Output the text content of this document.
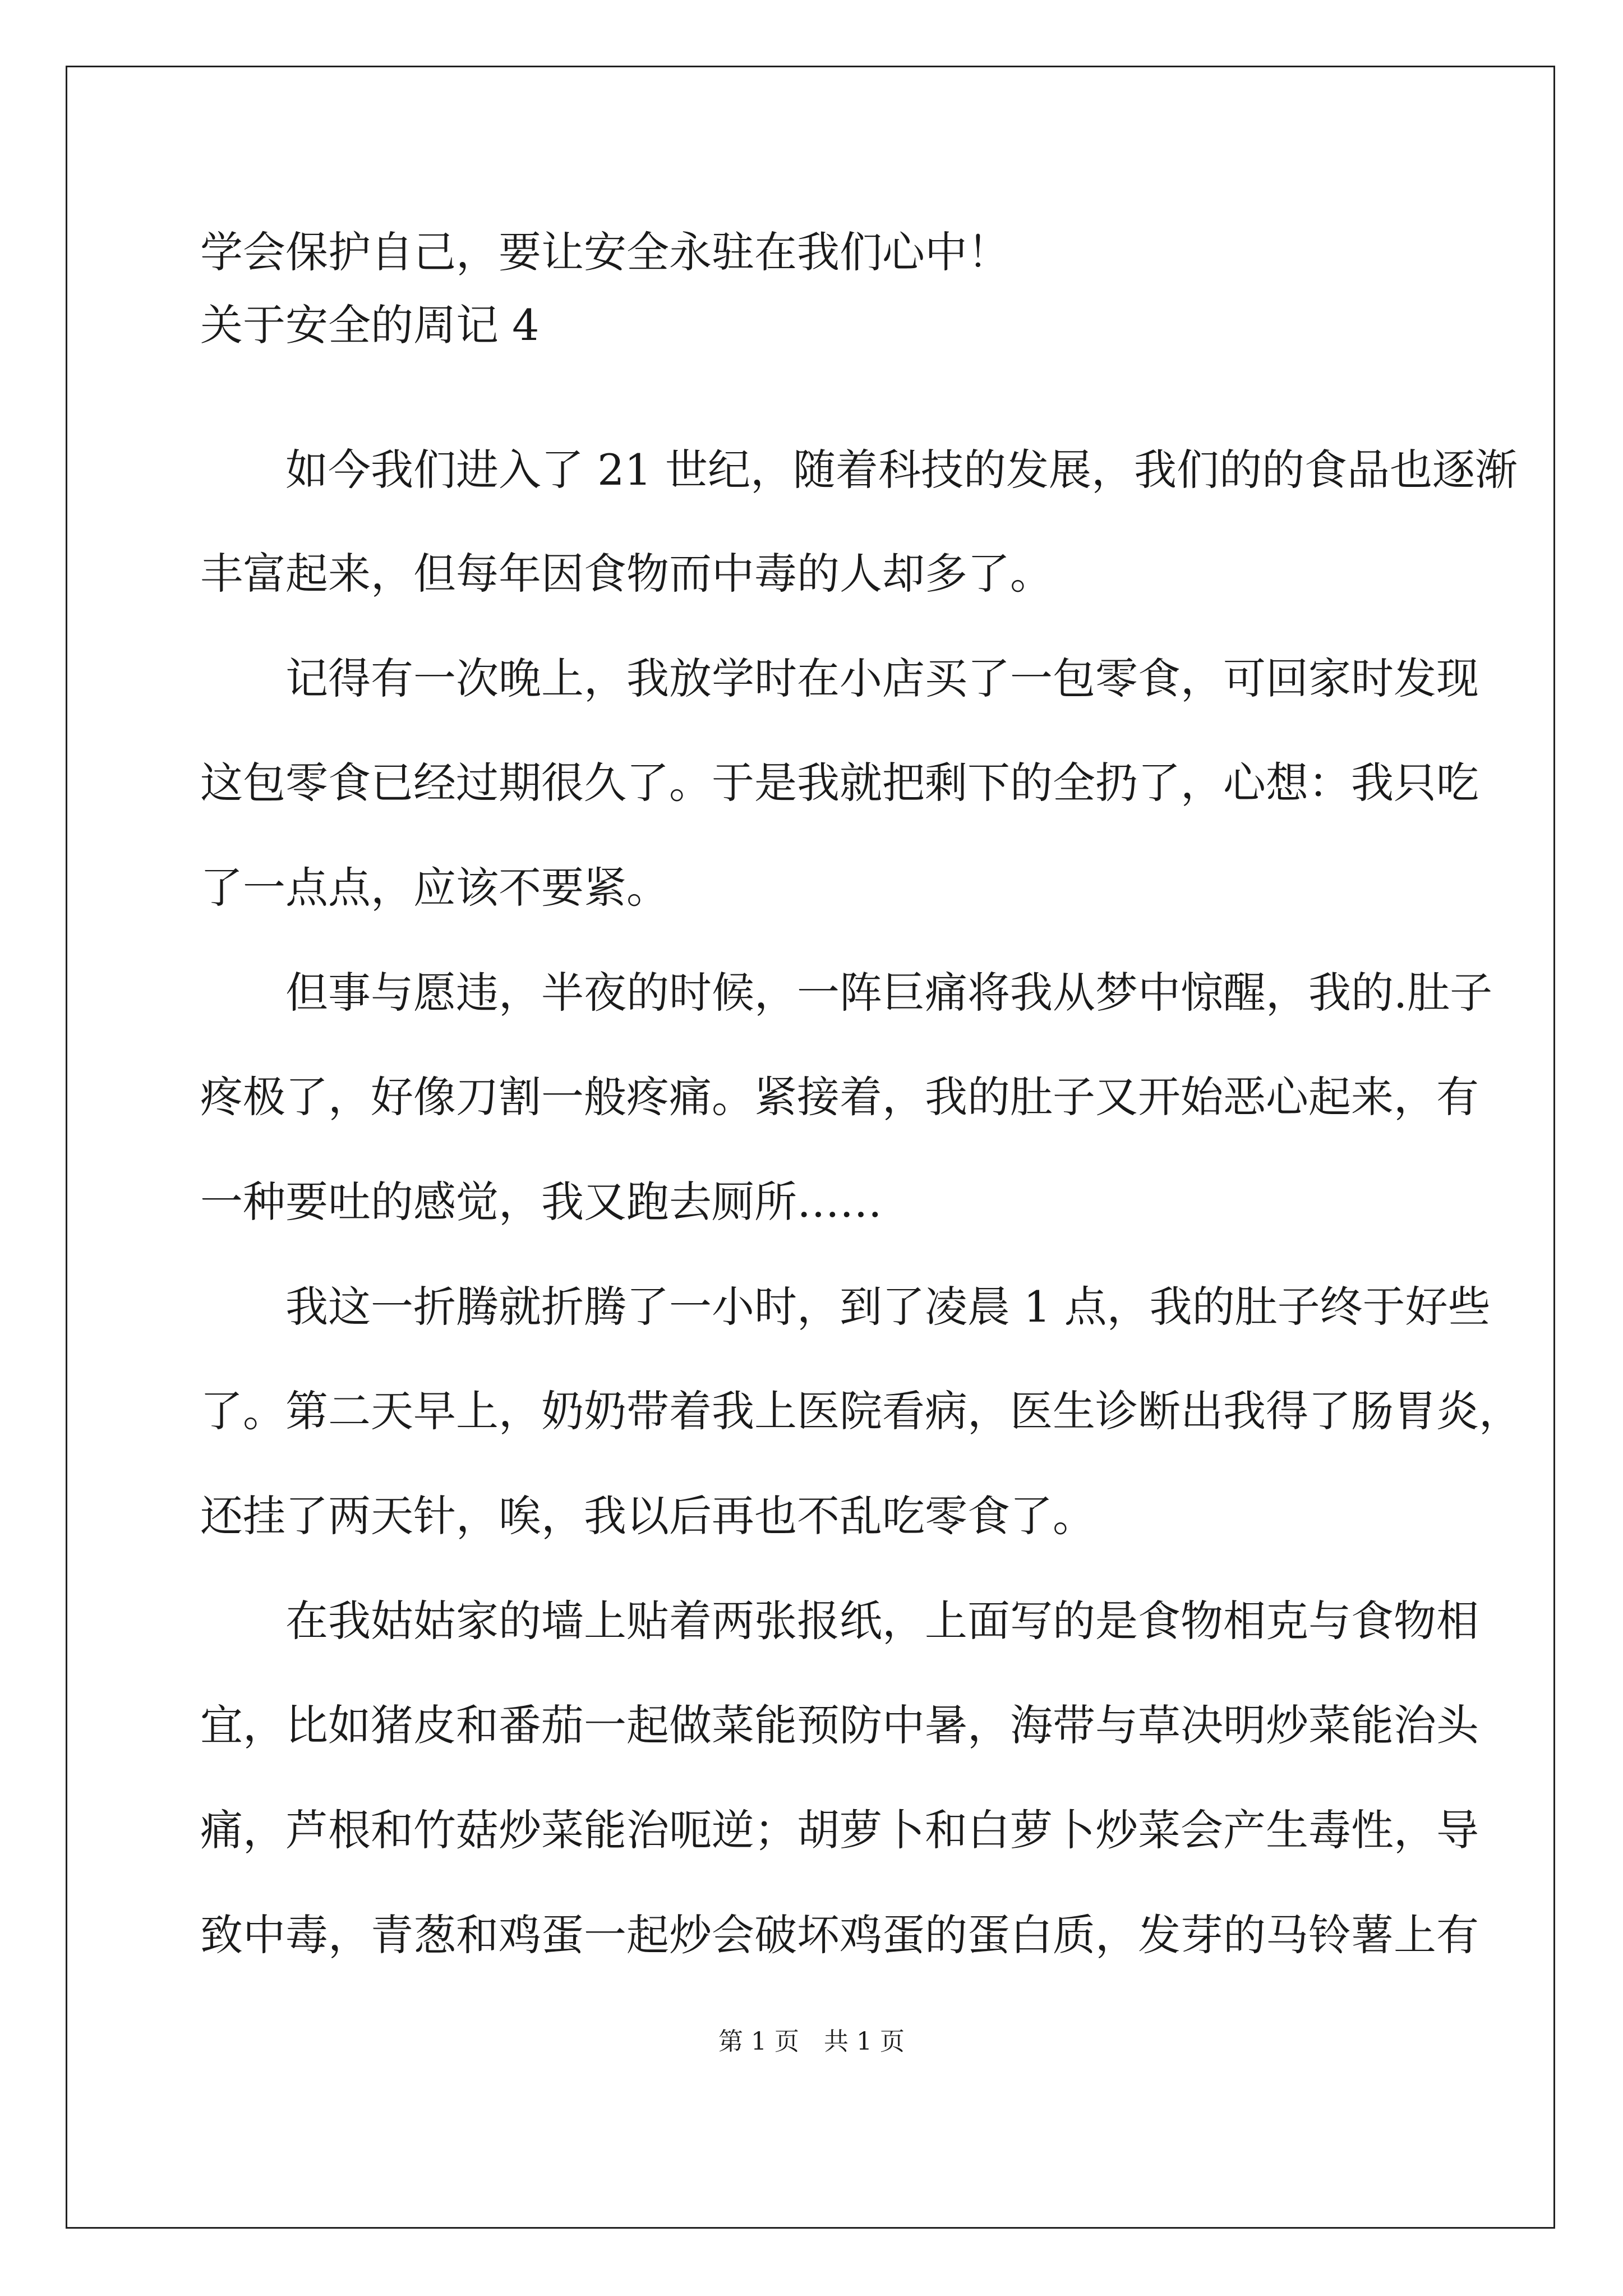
学会保护自己，要让安全永驻在我们心中！
关于安全的周记 4
　　如今我们进入了 21 世纪，随着科技的发展，我们的的食品也逐渐
丰富起来，但每年因食物而中毒的人却多了。
　　记得有一次晚上，我放学时在小店买了一包零食，可回家时发现
这包零食已经过期很久了。于是我就把剩下的全扔了，心想：我只吃
了一点点，应该不要紧。
　　但事与愿违，半夜的时候，一阵巨痛将我从梦中惊醒，我的.肚子
疼极了，好像刀割一般疼痛。紧接着，我的肚子又开始恶心起来，有
一种要吐的感觉，我又跑去厕所……
　　我这一折腾就折腾了一小时，到了凌晨 1 点，我的肚子终于好些
了。第二天早上，奶奶带着我上医院看病，医生诊断出我得了肠胃炎，
还挂了两天针，唉，我以后再也不乱吃零食了。
　　在我姑姑家的墙上贴着两张报纸，上面写的是食物相克与食物相
宜，比如猪皮和番茄一起做菜能预防中暑，海带与草决明炒菜能治头
痛，芦根和竹菇炒菜能治呃逆；胡萝卜和白萝卜炒菜会产生毒性，导
致中毒，青葱和鸡蛋一起炒会破坏鸡蛋的蛋白质，发芽的马铃薯上有
第 1 页　共 1 页
